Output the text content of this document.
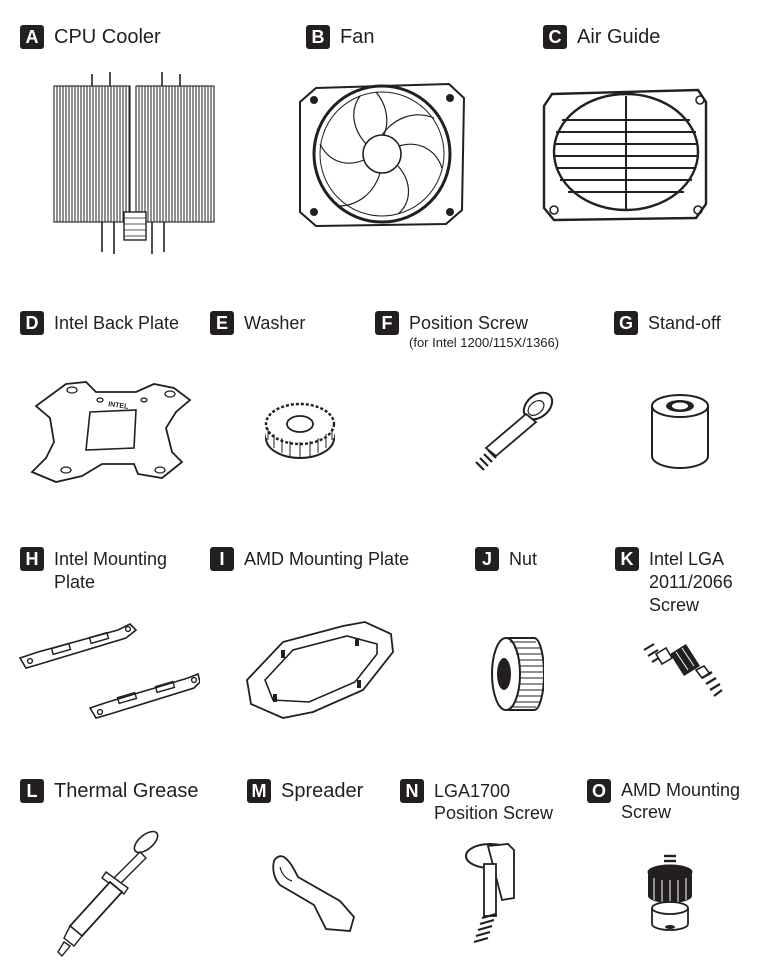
A CPU Cooler	B Fan	C Air Guide
D Intel Back Plate
INTEL
E Washer	F Position Screw
(for Intel 1200/115X/1366)
G Stand-off
H Intel Mounting
Plate
I	AMD Mounting Plate	J Nut	K Intel LGA
2011/2066
Screw
L Thermal Grease	M Spreader	N LGA1700
Position Screw
O AMD Mounting
Screw
